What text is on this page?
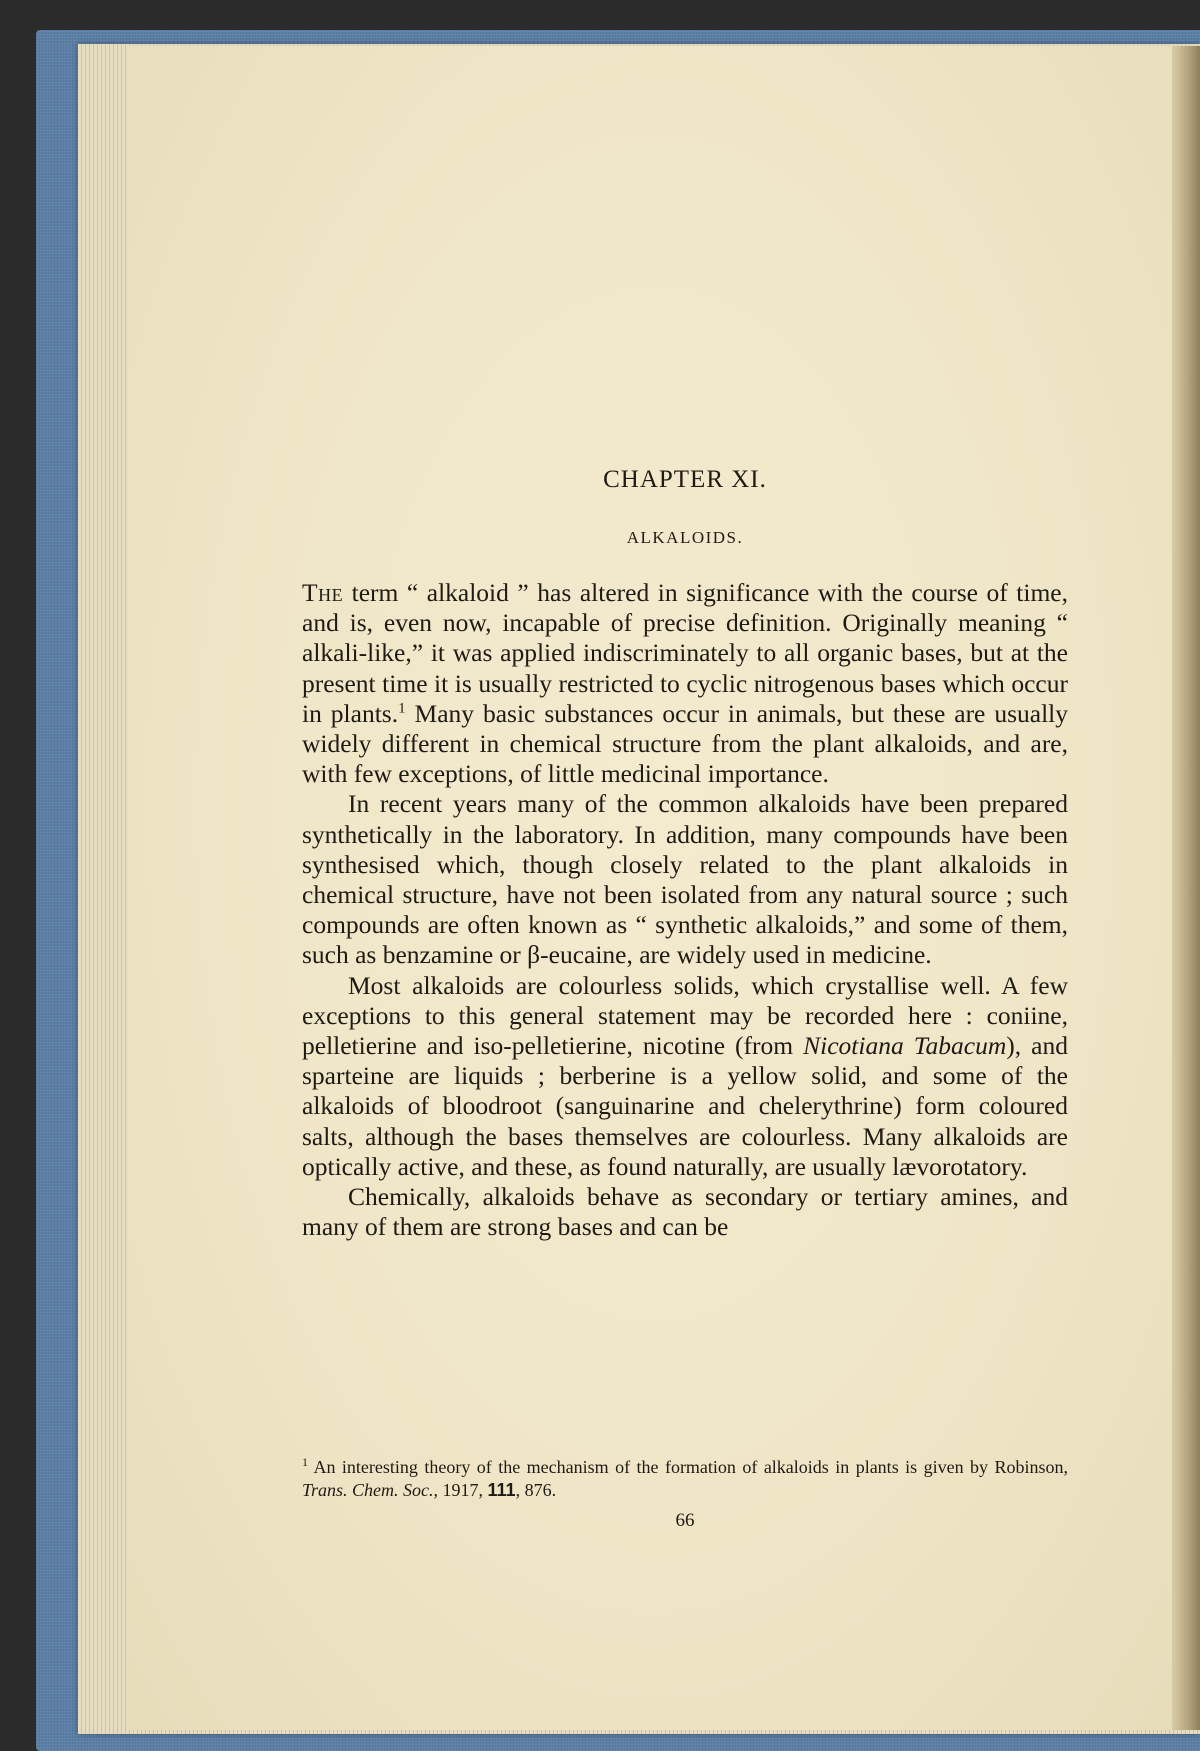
CHAPTER XI.
ALKALOIDS.

The term “ alkaloid ” has altered in significance with the course of time, and is, even now, incapable of precise definition. Originally meaning “ alkali-like,” it was applied indiscriminately to all organic bases, but at the present time it is usually restricted to cyclic nitrogenous bases which occur in plants.$^1$ Many basic substances occur in animals, but these are usually widely different in chemical structure from the plant alkaloids, and are, with few exceptions, of little medicinal importance.

In recent years many of the common alkaloids have been prepared synthetically in the laboratory. In addition, many compounds have been synthesised which, though closely related to the plant alkaloids in chemical structure, have not been isolated from any natural source ; such compounds are often known as “ synthetic alkaloids,” and some of them, such as benzamine or β-eucaine, are widely used in medicine.

Most alkaloids are colourless solids, which crystallise well. A few exceptions to this general statement may be recorded here : coniine, pelletierine and iso-pelletierine, nicotine (from Nicotiana Tabacum), and sparteine are liquids ; berberine is a yellow solid, and some of the alkaloids of bloodroot (sanguinarine and chelerythrine) form coloured salts, although the bases themselves are colourless. Many alkaloids are optically active, and these, as found naturally, are usually lævorotatory.

Chemically, alkaloids behave as secondary or tertiary amines, and many of them are strong bases and can be

$^1$ An interesting theory of the mechanism of the formation of alkaloids in plants is given by Robinson, Trans. Chem. Soc., 1917, 111, 876.
66
